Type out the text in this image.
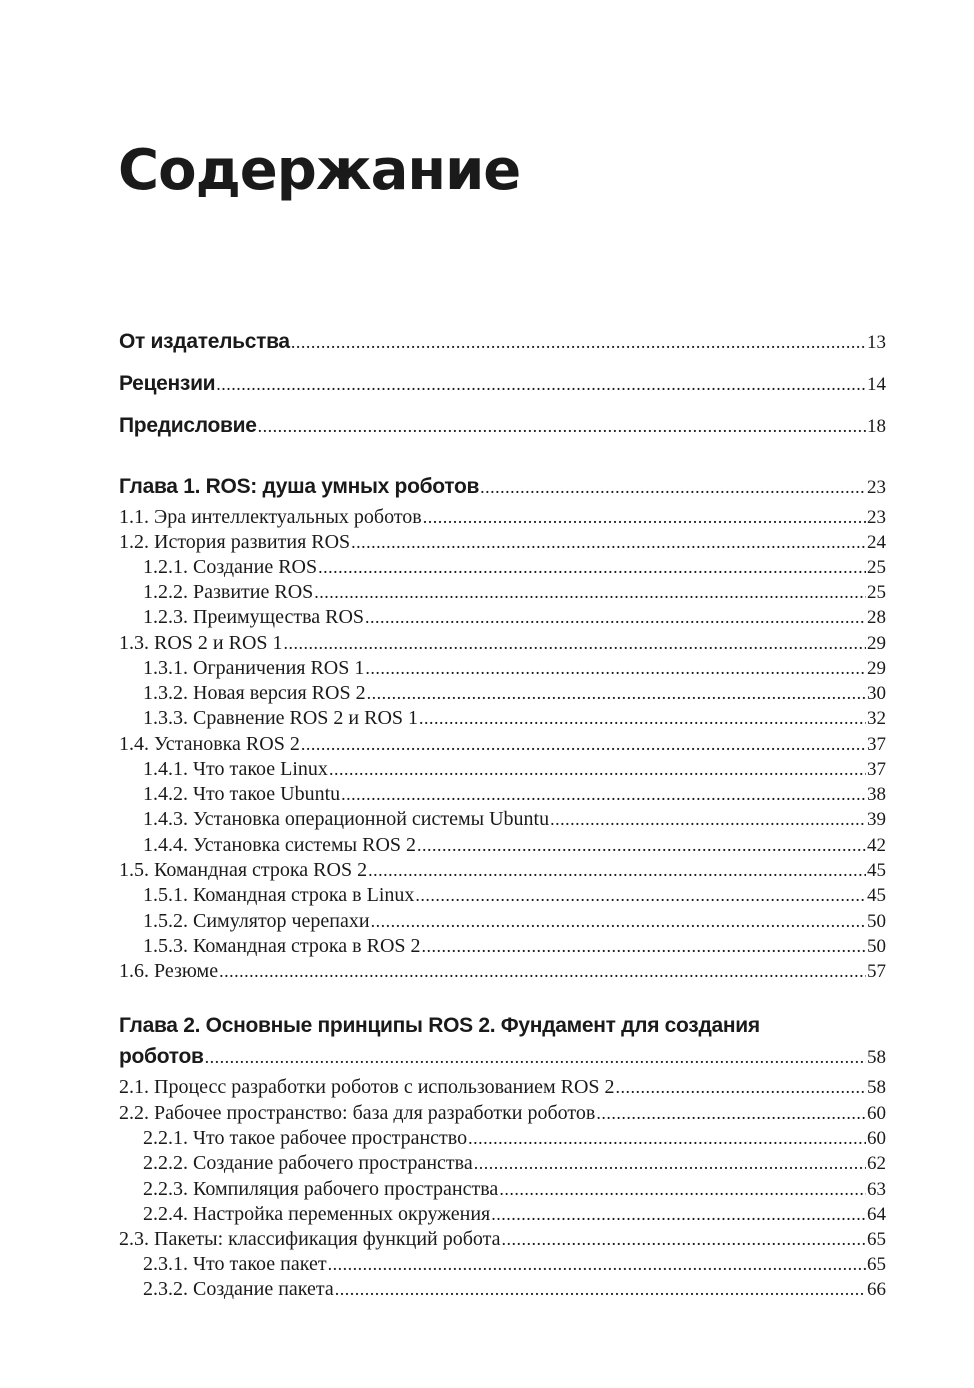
Содержание
От издательства .....	13
Рецензии .....	14
Предисловие .....	18
Глава 1. ROS: душа умных роботов .....	23
1.1. Эра интеллектуальных роботов .....	23
1.2. История развития ROS .....	24
1.2.1. Создание ROS .....	25
1.2.2. Развитие ROS .....	25
1.2.3. Преимущества ROS .....	28
1.3. ROS 2 и ROS 1 .....	29
1.3.1. Ограничения ROS 1 .....	29
1.3.2. Новая версия ROS 2 .....	30
1.3.3. Сравнение ROS 2 и ROS 1 .....	32
1.4. Установка ROS 2 .....	37
1.4.1. Что такое Linux .....	37
1.4.2. Что такое Ubuntu .....	38
1.4.3. Установка операционной системы Ubuntu .....	39
1.4.4. Установка системы ROS 2 .....	42
1.5. Командная строка ROS 2 .....	45
1.5.1. Командная строка в Linux .....	45
1.5.2. Симулятор черепахи .....	50
1.5.3. Командная строка в ROS 2 .....	50
1.6. Резюме .....	57
Глава 2. Основные принципы ROS 2. Фундамент для создания
роботов .....	58
2.1. Процесс разработки роботов с использованием ROS 2 .....	58
2.2. Рабочее пространство: база для разработки роботов .....	60
2.2.1. Что такое рабочее пространство .....	60
2.2.2. Создание рабочего пространства .....	62
2.2.3. Компиляция рабочего пространства .....	63
2.2.4. Настройка переменных окружения .....	64
2.3. Пакеты: классификация функций робота .....	65
2.3.1. Что такое пакет .....	65
2.3.2. Создание пакета .....	66
